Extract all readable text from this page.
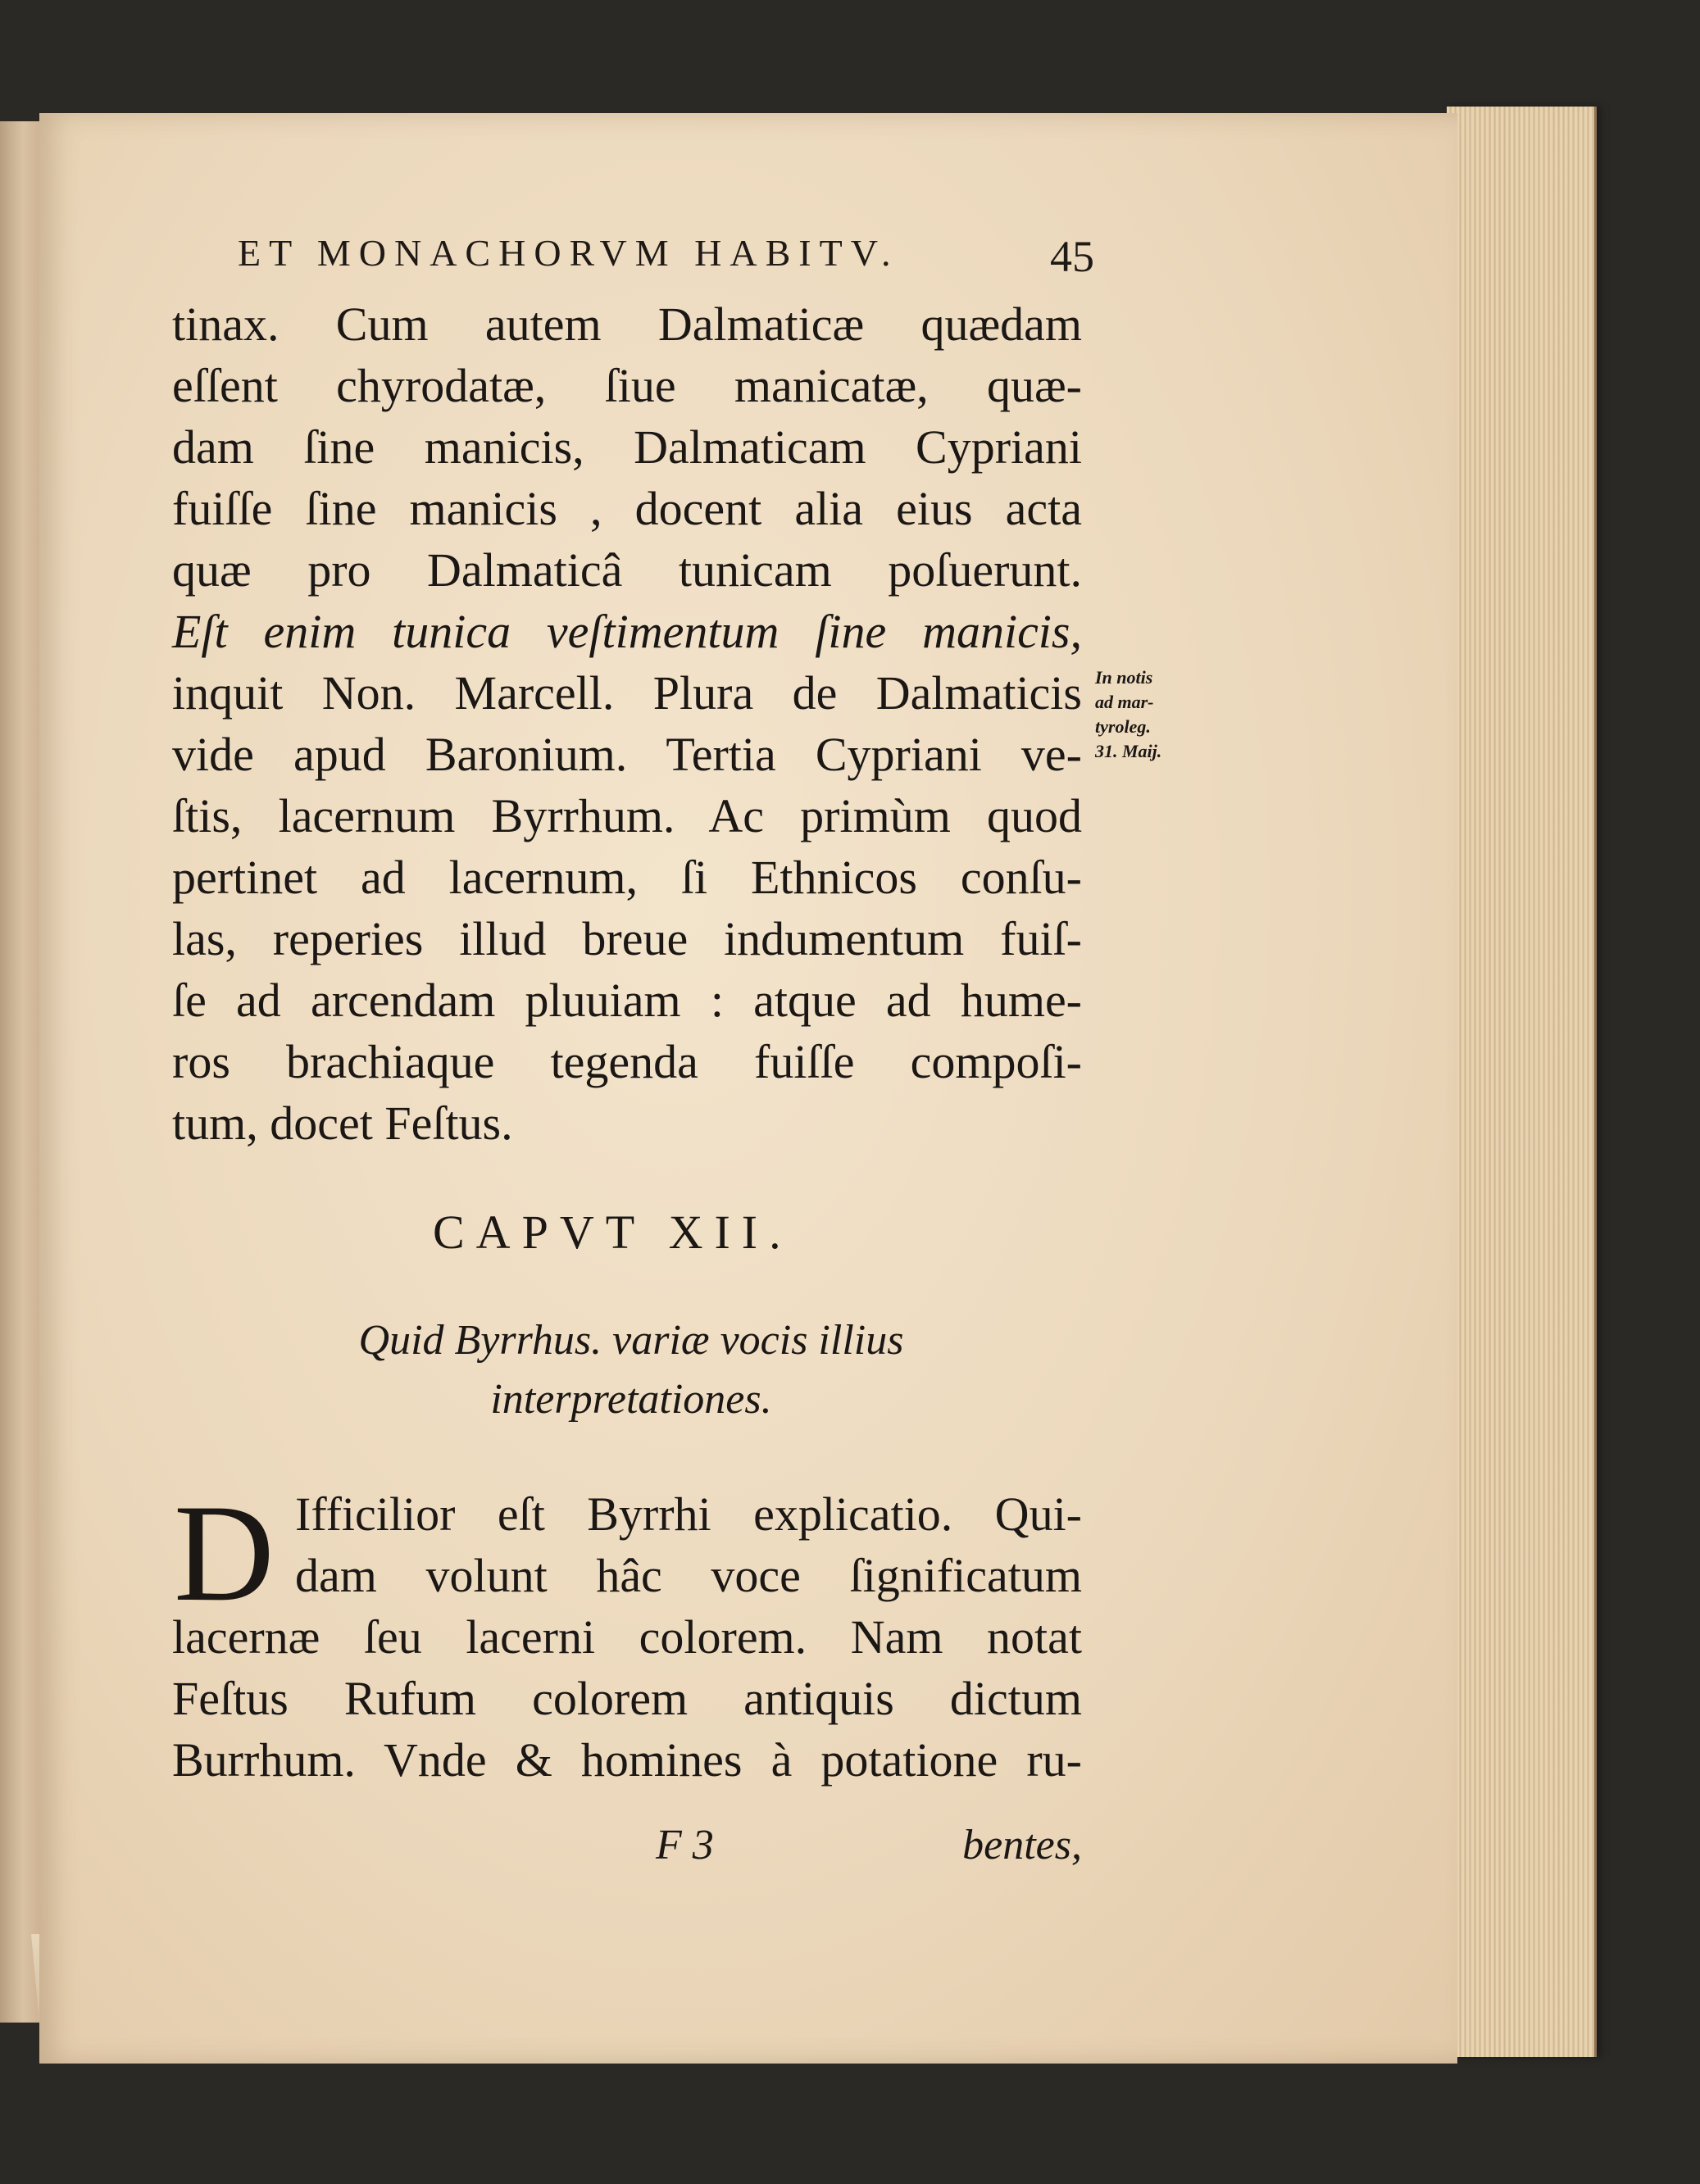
ET MONACHORVM HABITV.	45
tinax. Cum autem Dalmaticæ quædam
eſſent chyrodatæ, ſiue manicatæ, quæ-
dam ſine manicis, Dalmaticam Cypriani
fuiſſe ſine manicis , docent alia eius acta
quæ pro Dalmaticâ tunicam poſuerunt.
Eſt enim tunica veſtimentum ſine manicis,
inquit Non. Marcell. Plura de Dalmaticis
vide apud Baronium. Tertia Cypriani ve-
ſtis, lacernum Byrrhum. Ac primùm quod
pertinet ad lacernum, ſi Ethnicos conſu-
las, reperies illud breue indumentum fuiſ-
ſe ad arcendam pluuiam : atque ad hume-
ros brachiaque tegenda fuiſſe compoſi-
tum, docet Feſtus.
In notis
ad mar-
tyroleg.
31. Maij.
CAPVT XII.
Quid Byrrhus. variæ vocis illius
interpretationes.
D Ifficilior eſt Byrrhi explicatio. Qui-
dam volunt hâc voce ſignificatum
lacernæ ſeu lacerni colorem. Nam notat
Feſtus Rufum colorem antiquis dictum
Burrhum. Vnde & homines à potatione ru-
F 3	bentes,
